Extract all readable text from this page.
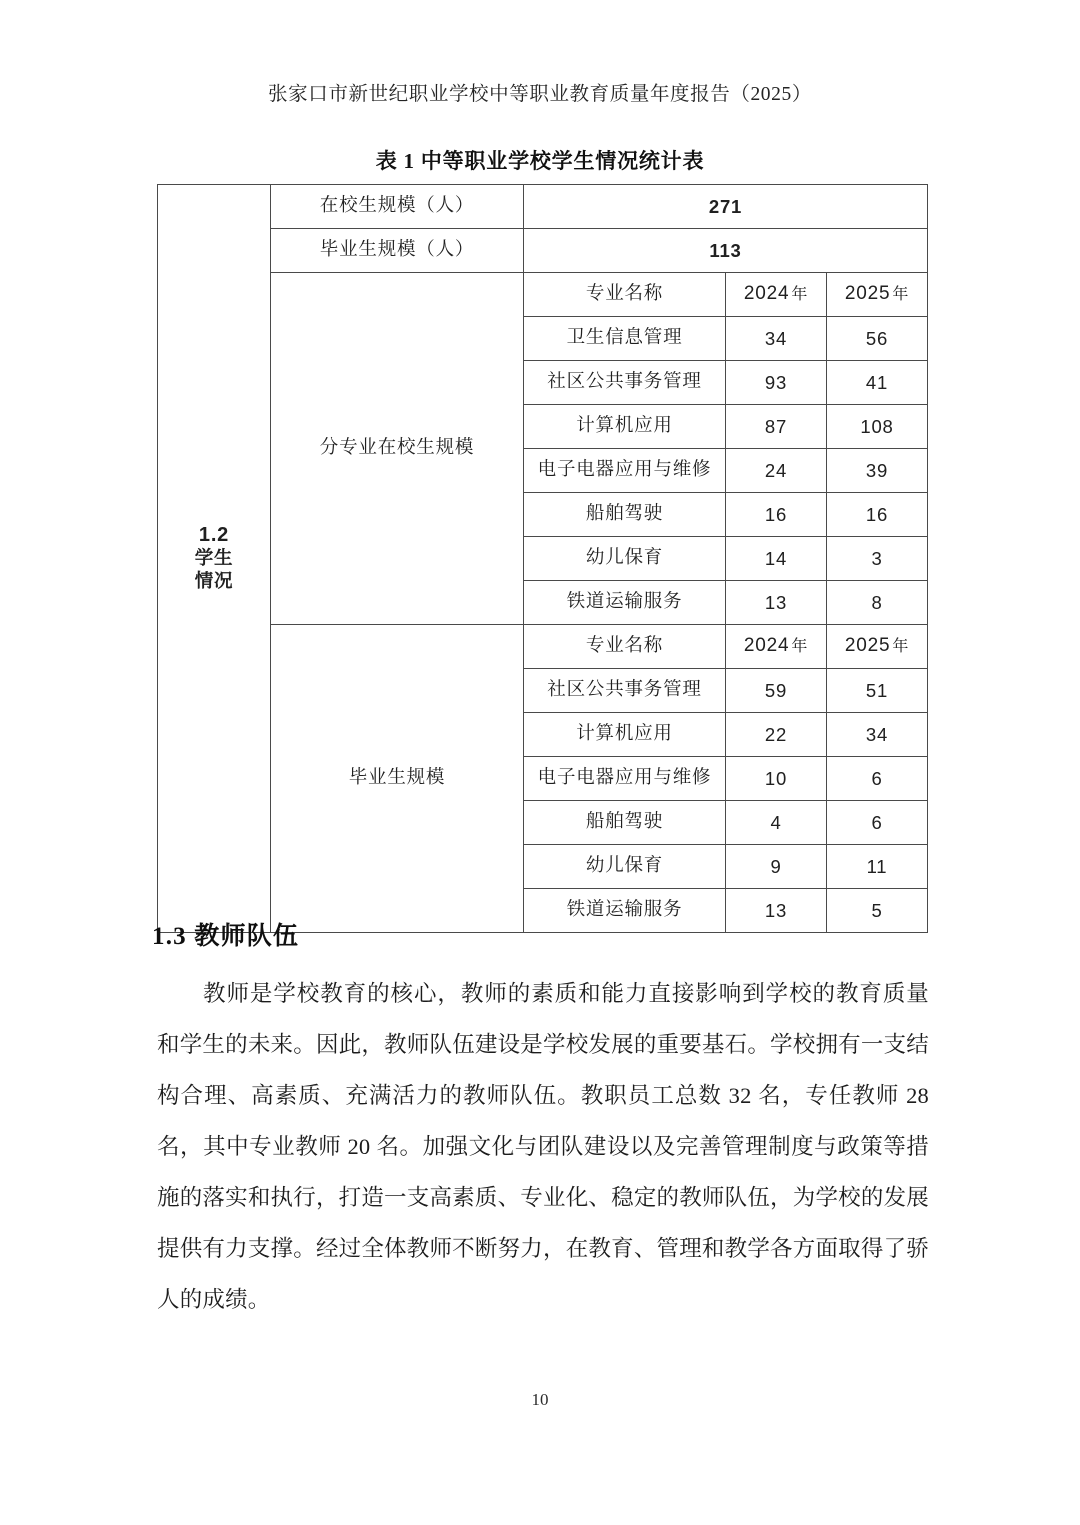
张家口市新世纪职业学校中等职业教育质量年度报告（2025）
表 1 中等职业学校学生情况统计表
1.2
学生
情况	在校生规模（人）	271		
	毕业生规模（人）	113		
	分专业在校生规模	专业名称	2024 年	2025 年
		卫生信息管理	34	56
		社区公共事务管理	93	41
		计算机应用	87	108
		电子电器应用与维修	24	39
		船舶驾驶	16	16
		幼儿保育	14	3
		铁道运输服务	13	8
	毕业生规模	专业名称	2024 年	2025 年
		社区公共事务管理	59	51
		计算机应用	22	34
		电子电器应用与维修	10	6
		船舶驾驶	4	6
		幼儿保育	9	11
		铁道运输服务	13	5
1.3 教师队伍
教师是学校教育的核心，教师的素质和能力直接影响到学校的教育质量和学生的未来。因此，教师队伍建设是学校发展的重要基石。学校拥有一支结构合理、高素质、充满活力的教师队伍。教职员工总数 32 名，专任教师 28 名，其中专业教师 20 名。加强文化与团队建设以及完善管理制度与政策等措施的落实和执行，打造一支高素质、专业化、稳定的教师队伍，为学校的发展提供有力支撑。经过全体教师不断努力，在教育、管理和教学各方面取得了骄人的成绩。
10
